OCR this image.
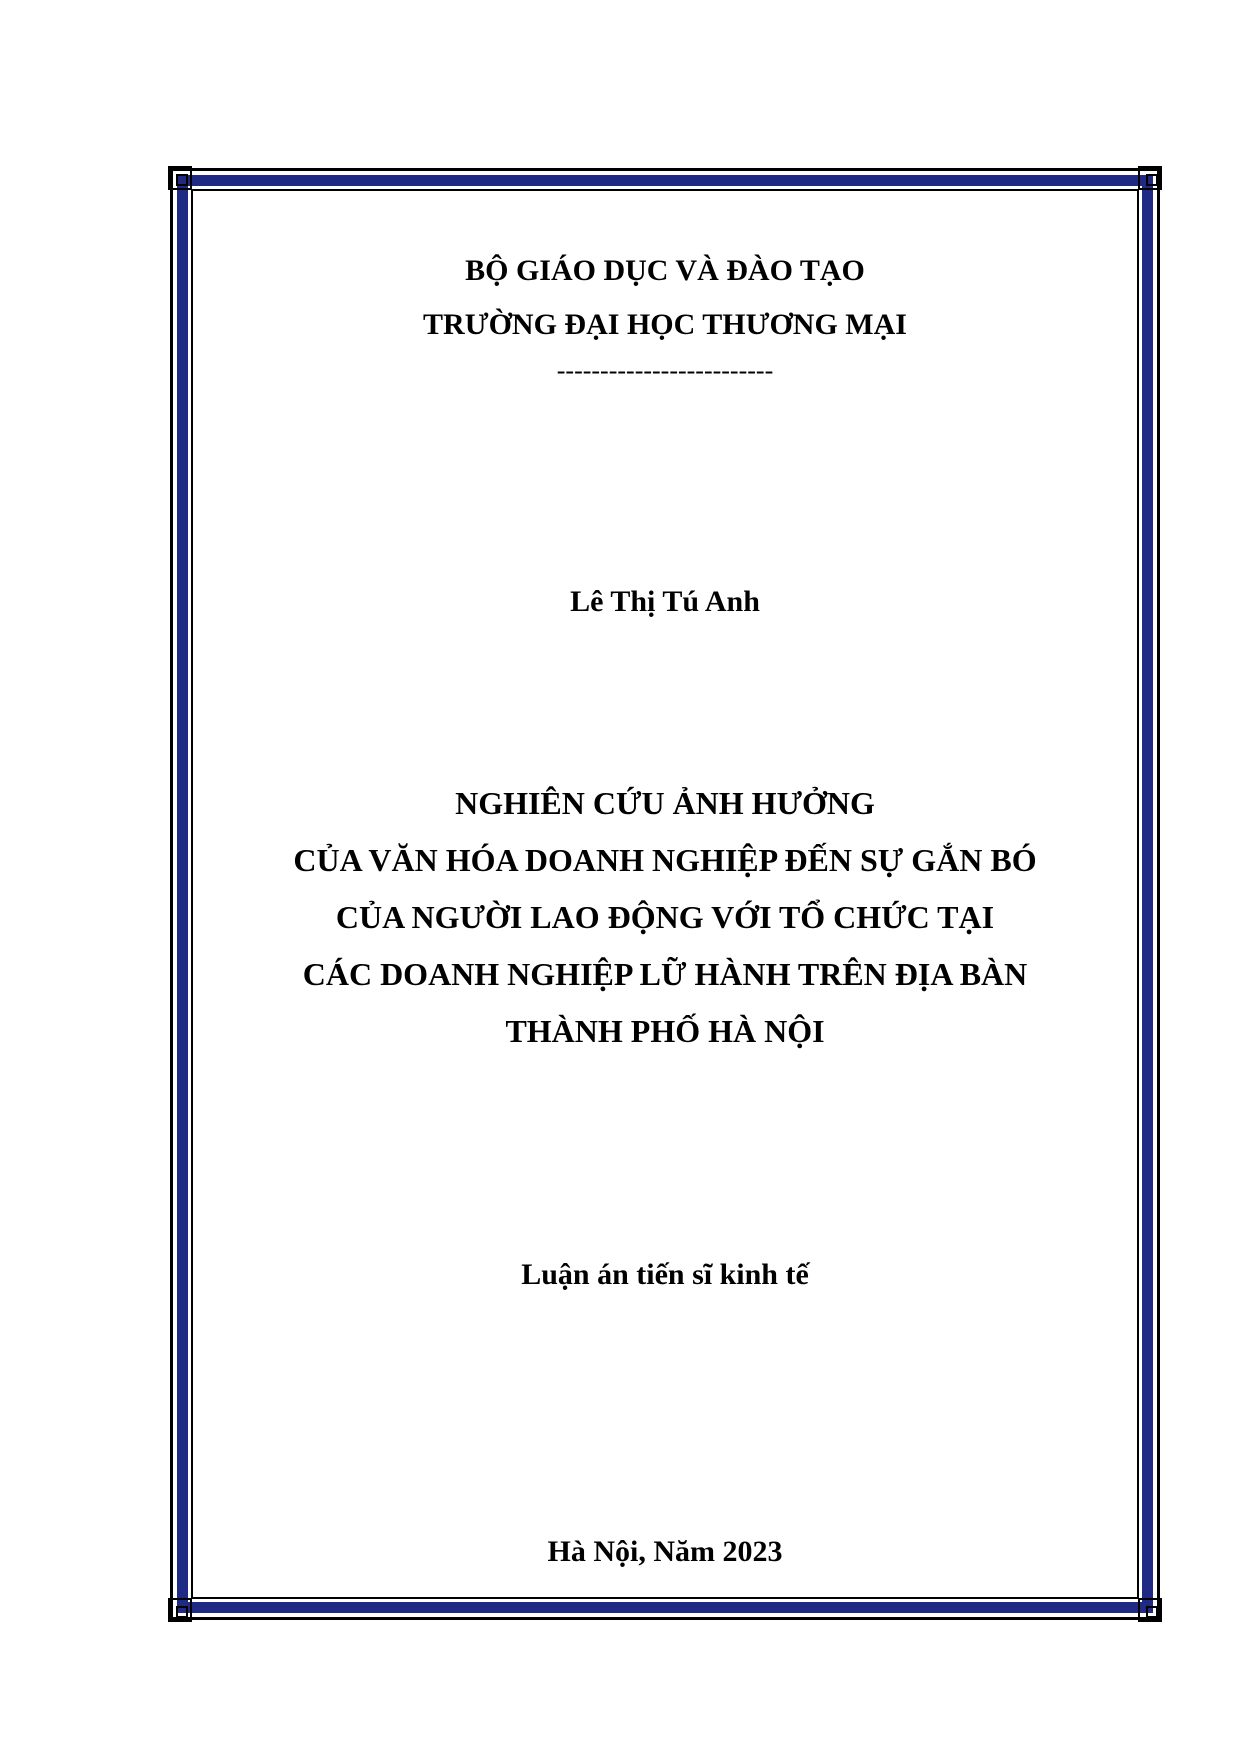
BỘ GIÁO DỤC VÀ ĐÀO TẠO
TRƯỜNG ĐẠI HỌC THƯƠNG MẠI
-------------------------
Lê Thị Tú Anh
NGHIÊN CỨU ẢNH HƯỞNG
CỦA VĂN HÓA DOANH NGHIỆP ĐẾN SỰ GẮN BÓ
CỦA NGƯỜI LAO ĐỘNG VỚI TỔ CHỨC TẠI
CÁC DOANH NGHIỆP LỮ HÀNH TRÊN ĐỊA BÀN
THÀNH PHỐ HÀ NỘI
Luận án tiến sĩ kinh tế
Hà Nội, Năm 2023
